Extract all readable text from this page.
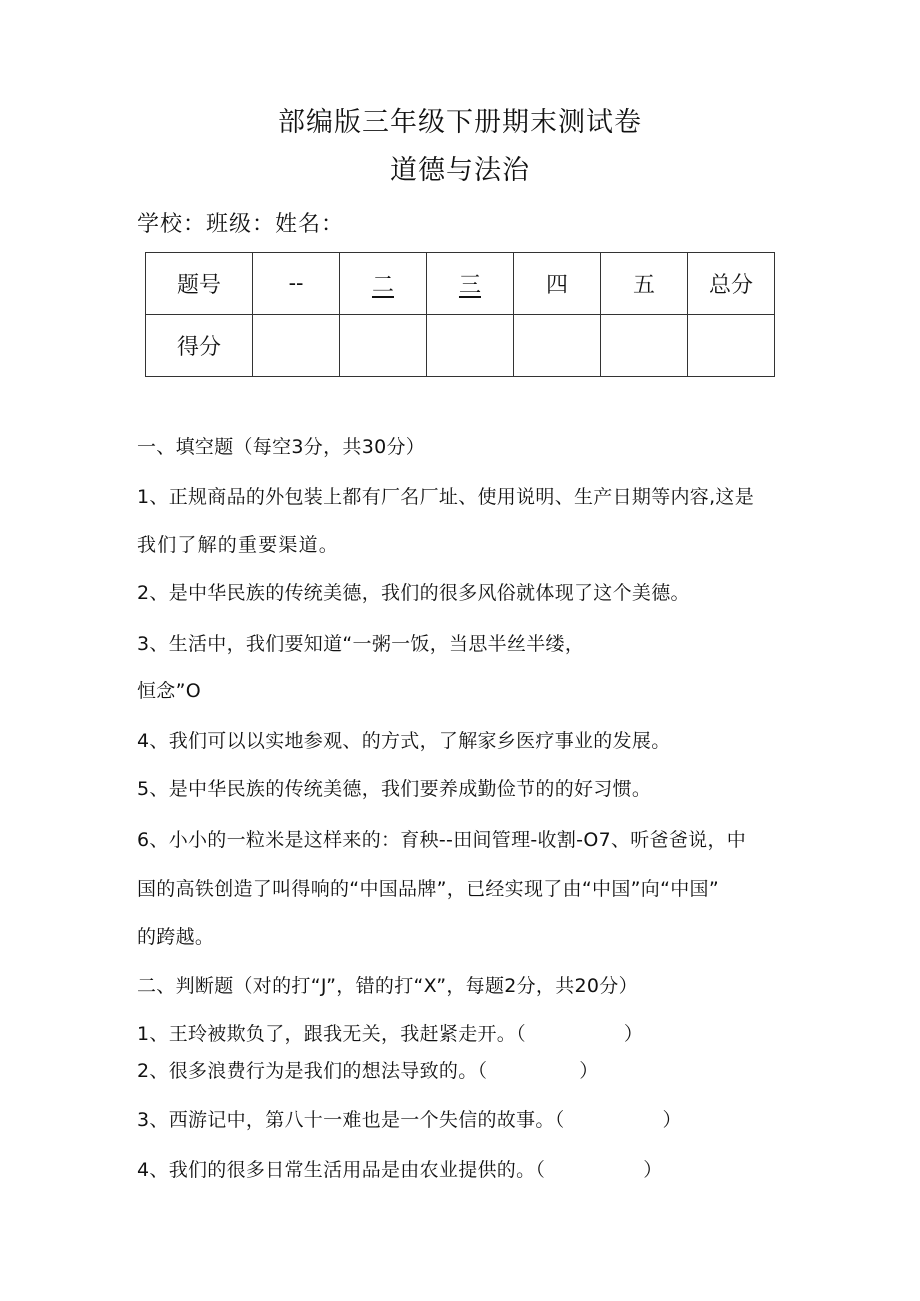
部编版三年级下册期末测试卷
道德与法治
学校：班级：姓名：
题号	--	二	三	四	五	总分
得分						
一、填空题（每空3分，共30分）
1、正规商品的外包装上都有厂名厂址、使用说明、生产日期等内容,这是
我们了解的重要渠道。
2、是中华民族的传统美德，我们的很多风俗就体现了这个美德。
3、生活中，我们要知道“一粥一饭，当思半丝半缕，
恒念”O
4、我们可以以实地参观、的方式，了解家乡医疗事业的发展。
5、是中华民族的传统美德，我们要养成勤俭节的的好习惯。
6、小小的一粒米是这样来的：育秧--田间管理-收割-O7、听爸爸说，中
国的高铁创造了叫得响的“中国品牌”，已经实现了由“中国”向“中国”
的跨越。
二、判断题（对的打“J”，错的打“X”，每题2分，共20分）
1、王玲被欺负了，跟我无关，我赶紧走开。（	）
2、很多浪费行为是我们的想法导致的。（	）
3、西游记中，第八十一难也是一个失信的故事。（	）
4、我们的很多日常生活用品是由农业提供的。（	）
